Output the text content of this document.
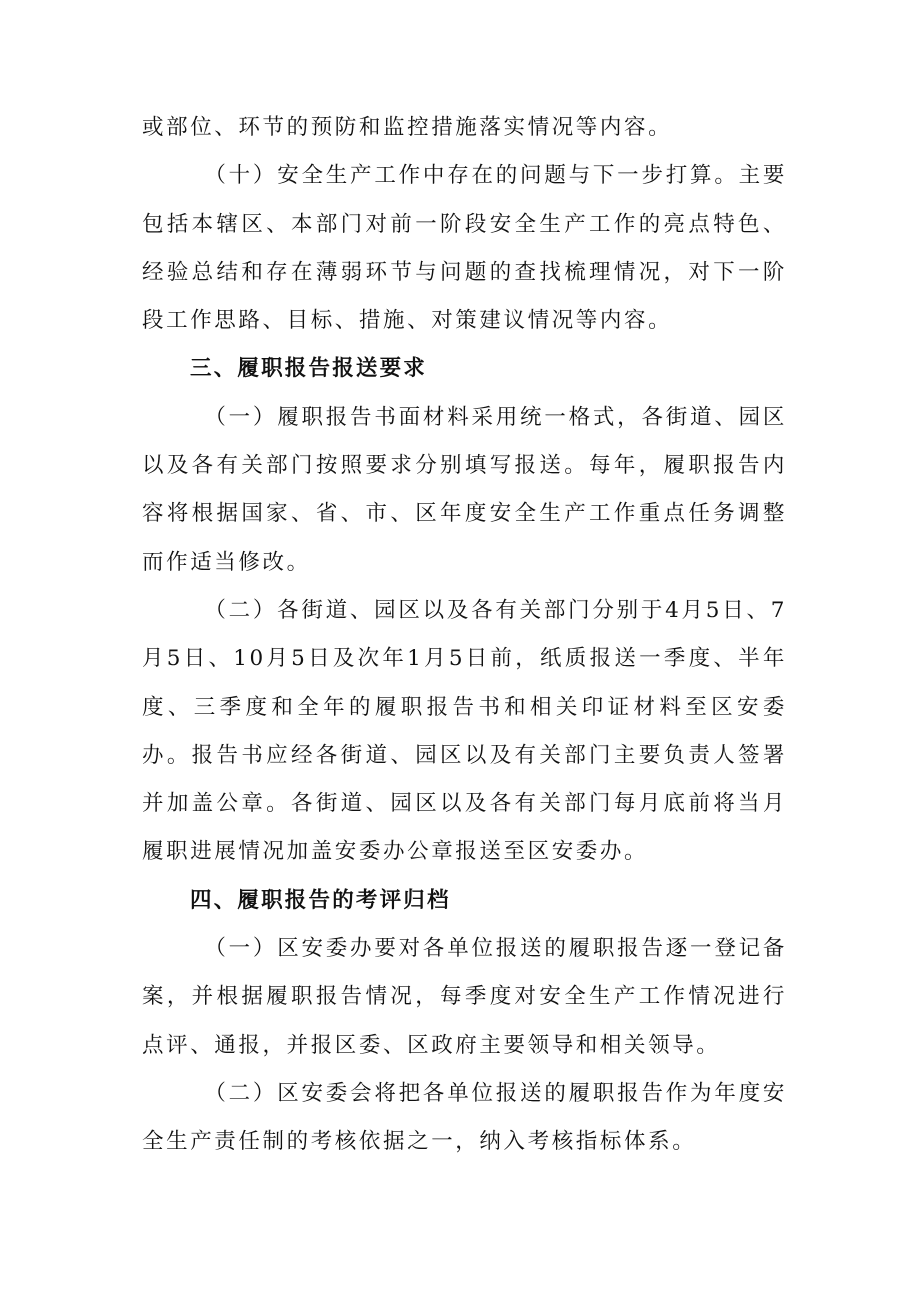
或部位、环节的预防和监控措施落实情况等内容。

（十）安全生产工作中存在的问题与下一步打算。主要包括本辖区、本部门对前一阶段安全生产工作的亮点特色、经验总结和存在薄弱环节与问题的查找梳理情况，对下一阶段工作思路、目标、措施、对策建议情况等内容。

三、履职报告报送要求

（一）履职报告书面材料采用统一格式，各街道、园区以及各有关部门按照要求分别填写报送。每年，履职报告内容将根据国家、省、市、区年度安全生产工作重点任务调整而作适当修改。

（二）各街道、园区以及各有关部门分别于4月5日、7月5日、10月5日及次年1月5日前，纸质报送一季度、半年度、三季度和全年的履职报告书和相关印证材料至区安委办。报告书应经各街道、园区以及有关部门主要负责人签署并加盖公章。各街道、园区以及各有关部门每月底前将当月履职进展情况加盖安委办公章报送至区安委办。

四、履职报告的考评归档

（一）区安委办要对各单位报送的履职报告逐一登记备案，并根据履职报告情况，每季度对安全生产工作情况进行点评、通报，并报区委、区政府主要领导和相关领导。

（二）区安委会将把各单位报送的履职报告作为年度安全生产责任制的考核依据之一，纳入考核指标体系。
